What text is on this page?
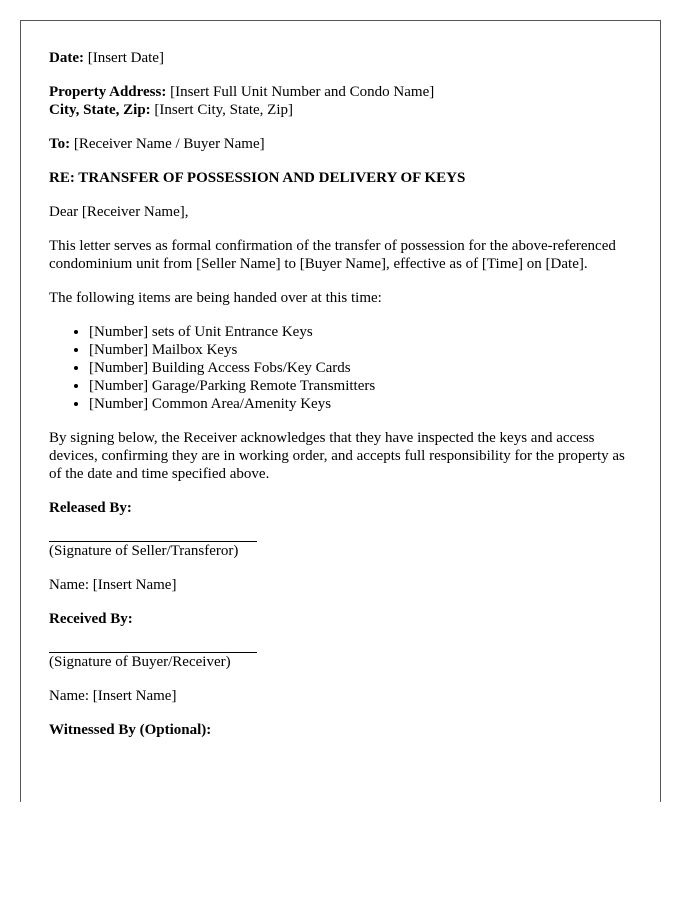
Date: [Insert Date]

Property Address: [Insert Full Unit Number and Condo Name]
City, State, Zip: [Insert City, State, Zip]

To: [Receiver Name / Buyer Name]

RE: TRANSFER OF POSSESSION AND DELIVERY OF KEYS

Dear [Receiver Name],

This letter serves as formal confirmation of the transfer of possession for the above-referenced condominium unit from [Seller Name] to [Buyer Name], effective as of [Time] on [Date].

The following items are being handed over at this time:

• [Number] sets of Unit Entrance Keys
• [Number] Mailbox Keys
• [Number] Building Access Fobs/Key Cards
• [Number] Garage/Parking Remote Transmitters
• [Number] Common Area/Amenity Keys

By signing below, the Receiver acknowledges that they have inspected the keys and access devices, confirming they are in working order, and accepts full responsibility for the property as of the date and time specified above.

Released By:

(Signature of Seller/Transferor)

Name: [Insert Name]

Received By:

(Signature of Buyer/Receiver)

Name: [Insert Name]

Witnessed By (Optional):
